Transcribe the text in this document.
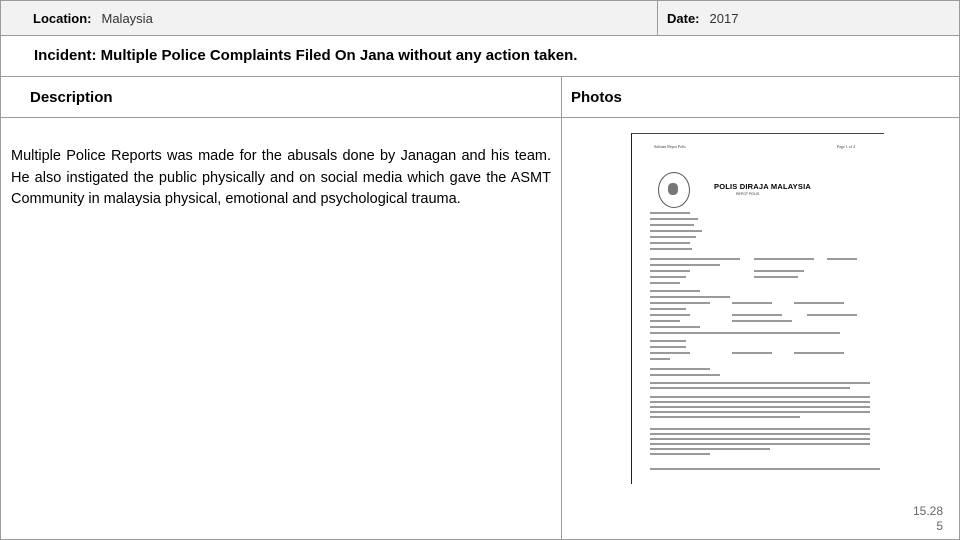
Location: Malaysia	Date: 2017
Incident: Multiple Police Complaints Filed On Jana without any action taken.
Description	Photos
Multiple Police Reports was made for the abusals done by Janagan and his team. He also instigated the public physically and on social media which gave the ASMT Community in malaysia physical, emotional and psychological trauma.
Sulinan Repot Polis	Page 1 of 4
POLIS DIRAJA MALAYSIA
REPOT POLIS
15.28
5
